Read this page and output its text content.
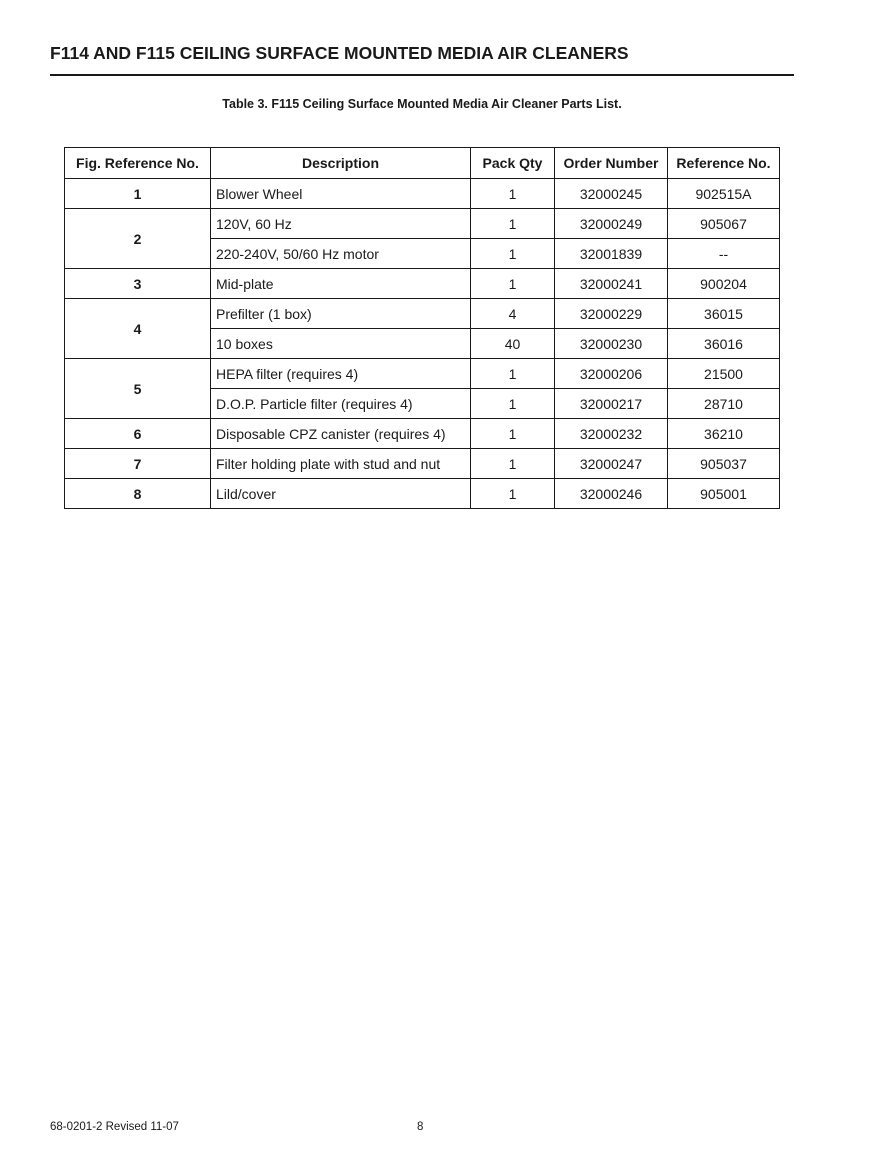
F114 AND F115 CEILING SURFACE MOUNTED MEDIA AIR CLEANERS
Table 3. F115 Ceiling Surface Mounted Media Air Cleaner Parts List.
Fig. Reference No.	Description	Pack Qty	Order Number	Reference No.
1	Blower Wheel	1	32000245	902515A
2	120V, 60 Hz	1	32000249	905067
	220-240V, 50/60 Hz motor	1	32001839	--
3	Mid-plate	1	32000241	900204
4	Prefilter (1 box)	4	32000229	36015
	10 boxes	40	32000230	36016
5	HEPA filter (requires 4)	1	32000206	21500
	D.O.P. Particle filter (requires 4)	1	32000217	28710
6	Disposable CPZ canister (requires 4)	1	32000232	36210
7	Filter holding plate with stud and nut	1	32000247	905037
8	Lild/cover	1	32000246	905001
68-0201-2 Revised 11-07	8
